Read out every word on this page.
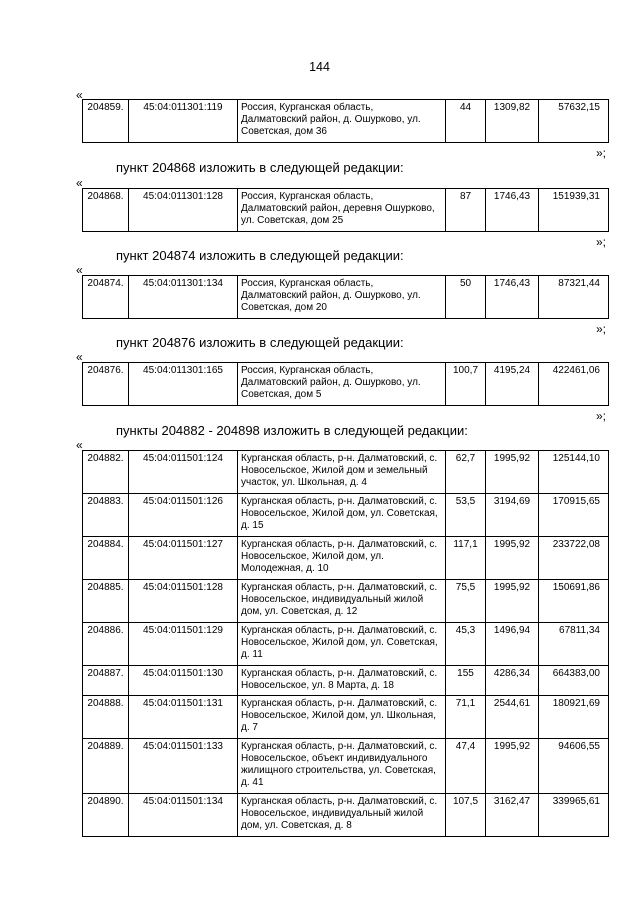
144
«
204859.	45:04:011301:119	Россия, Курганская область, Далматовский район, д. Ошурково, ул. Советская, дом 36	44	1309,82	57632,15
»;
пункт 204868 изложить в следующей редакции:
«
204868.	45:04:011301:128	Россия, Курганская область, Далматовский район, деревня Ошурково, ул. Советская, дом 25	87	1746,43	151939,31
»;
пункт 204874 изложить в следующей редакции:
«
204874.	45:04:011301:134	Россия, Курганская область, Далматовский район, д. Ошурково, ул. Советская, дом 20	50	1746,43	87321,44
»;
пункт 204876 изложить в следующей редакции:
«
204876.	45:04:011301:165	Россия, Курганская область, Далматовский район, д. Ошурково, ул. Советская, дом 5	100,7	4195,24	422461,06
»;
пункты 204882 - 204898 изложить в следующей редакции:
«
204882.	45:04:011501:124	Курганская область, р-н. Далматовский, с. Новосельское, Жилой дом и земельный участок, ул. Школьная, д. 4	62,7	1995,92	125144,10
204883.	45:04:011501:126	Курганская область, р-н. Далматовский, с. Новосельское, Жилой дом, ул. Советская, д. 15	53,5	3194,69	170915,65
204884.	45:04:011501:127	Курганская область, р-н. Далматовский, с. Новосельское, Жилой дом, ул. Молодежная, д. 10	117,1	1995,92	233722,08
204885.	45:04:011501:128	Курганская область, р-н. Далматовский, с. Новосельское, индивидуальный жилой дом, ул. Советская, д. 12	75,5	1995,92	150691,86
204886.	45:04:011501:129	Курганская область, р-н. Далматовский, с. Новосельское, Жилой дом, ул. Советская, д. 11	45,3	1496,94	67811,34
204887.	45:04:011501:130	Курганская область, р-н. Далматовский, с. Новосельское, ул. 8 Марта, д. 18	155	4286,34	664383,00
204888.	45:04:011501:131	Курганская область, р-н. Далматовский, с. Новосельское, Жилой дом, ул. Школьная, д. 7	71,1	2544,61	180921,69
204889.	45:04:011501:133	Курганская область, р-н. Далматовский, с. Новосельское, объект индивидуального жилищного строительства, ул. Советская, д. 41	47,4	1995,92	94606,55
204890.	45:04:011501:134	Курганская область, р-н. Далматовский, с. Новосельское, индивидуальный жилой дом, ул. Советская, д. 8	107,5	3162,47	339965,61
